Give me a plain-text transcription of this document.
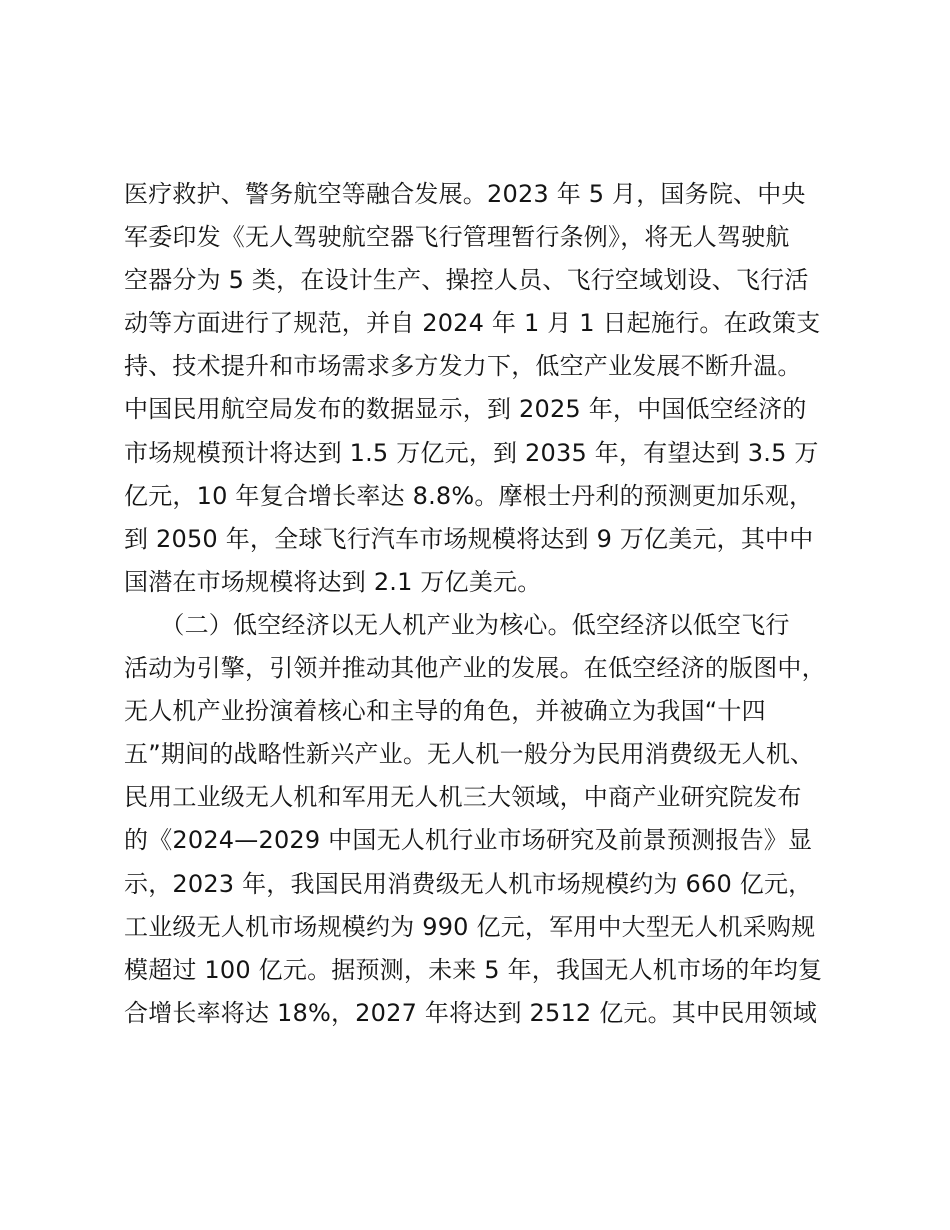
医疗救护、警务航空等融合发展。2023 年 5 月，国务院、中央
军委印发《无人驾驶航空器飞行管理暂行条例》，将无人驾驶航
空器分为 5 类，在设计生产、操控人员、飞行空域划设、飞行活
动等方面进行了规范，并自 2024 年 1 月 1 日起施行。在政策支
持、技术提升和市场需求多方发力下，低空产业发展不断升温。
中国民用航空局发布的数据显示，到 2025 年，中国低空经济的
市场规模预计将达到 1.5 万亿元，到 2035 年，有望达到 3.5 万
亿元，10 年复合增长率达 8.8%。摩根士丹利的预测更加乐观，
到 2050 年，全球飞行汽车市场规模将达到 9 万亿美元，其中中
国潜在市场规模将达到 2.1 万亿美元。
　　（二）低空经济以无人机产业为核心。低空经济以低空飞行
活动为引擎，引领并推动其他产业的发展。在低空经济的版图中，
无人机产业扮演着核心和主导的角色，并被确立为我国“十四
五”期间的战略性新兴产业。无人机一般分为民用消费级无人机、
民用工业级无人机和军用无人机三大领域，中商产业研究院发布
的《2024—2029 中国无人机行业市场研究及前景预测报告》显
示，2023 年，我国民用消费级无人机市场规模约为 660 亿元，
工业级无人机市场规模约为 990 亿元，军用中大型无人机采购规
模超过 100 亿元。据预测，未来 5 年，我国无人机市场的年均复
合增长率将达 18%，2027 年将达到 2512 亿元。其中民用领域
